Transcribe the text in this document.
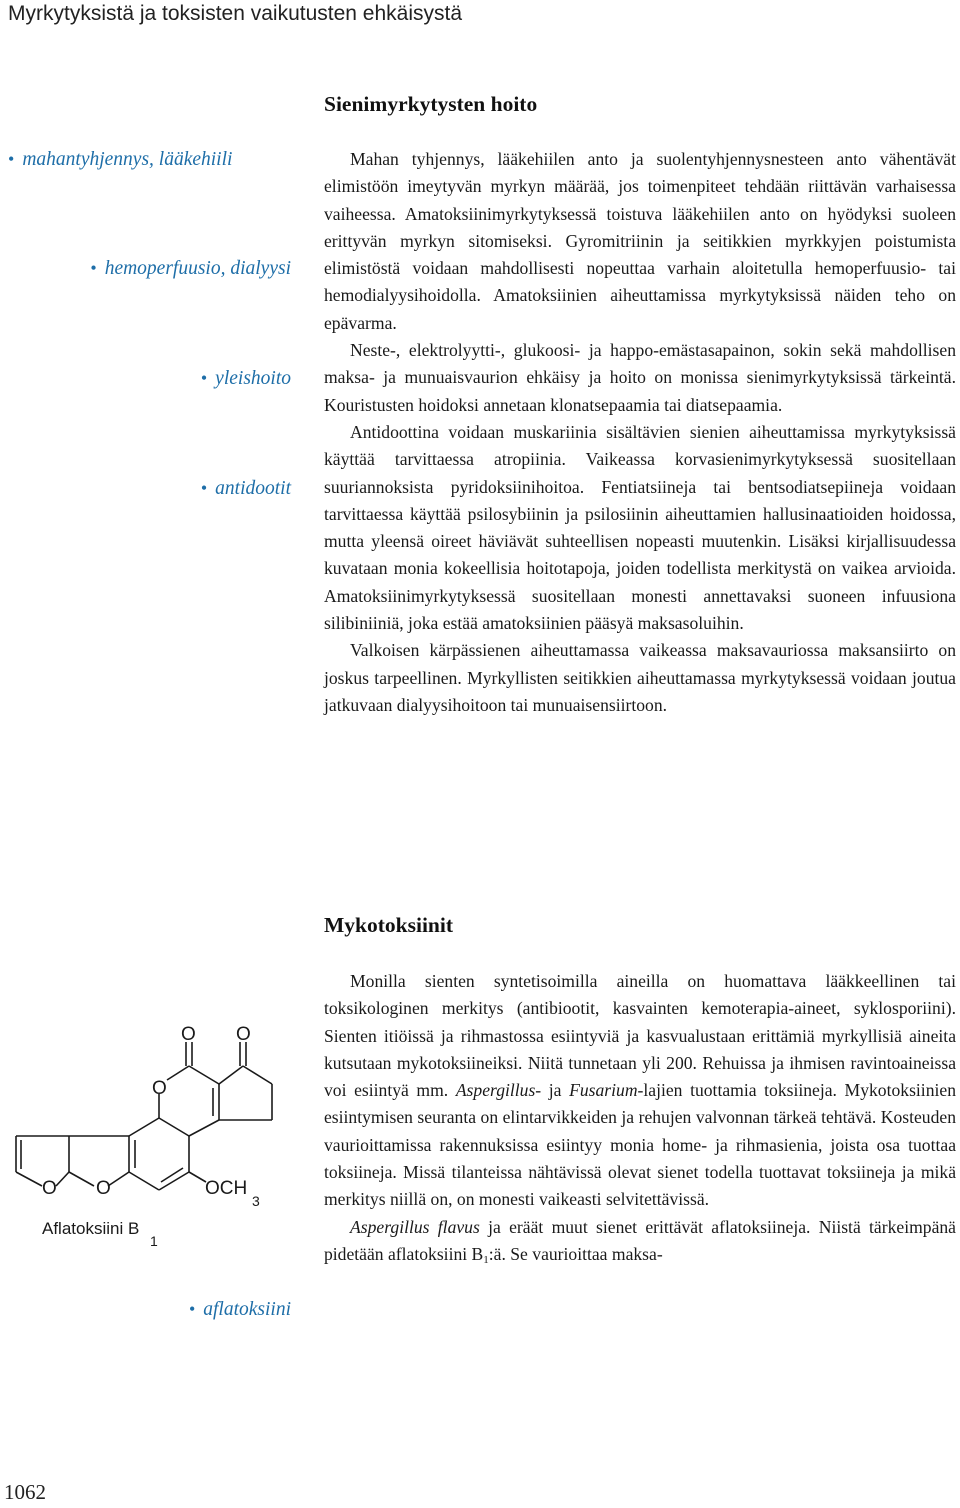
Myrkytyksistä ja toksisten vaikutusten ehkäisystä
Sienimyrkytysten hoito
• mahantyhjennys, lääkehiili
• hemoperfuusio, dialyysi
• yleishoito
• antidootit

Mahan tyhjennys, lääkehiilen anto ja suolentyhjennysnesteen anto vähentävät elimistöön imeytyvän myrkyn määrää, jos toimenpiteet tehdään riittävän varhaisessa vaiheessa. Amatoksiinimyrkytyksessä toistuva lääkehiilen anto on hyödyksi suoleen erittyvän myrkyn sitomiseksi. Gyromitriinin ja seitikkien myrkkyjen poistumista elimistöstä voidaan mahdollisesti nopeuttaa varhain aloitetulla hemoperfuusio- tai hemodialyysihoidolla. Amatoksiinien aiheuttamissa myrkytyksissä näiden teho on epävarma.

Neste-, elektrolyytti-, glukoosi- ja happo-emästasapainon, sokin sekä mahdollisen maksa- ja munuaisvaurion ehkäisy ja hoito on monissa sienimyrkytyksissä tärkeintä. Kouristusten hoidoksi annetaan klonatsepaamia tai diatsepaamia.

Antidoottina voidaan muskariinia sisältävien sienien aiheuttamissa myrkytyksissä käyttää tarvittaessa atropiinia. Vaikeassa korvasienimyrkytyksessä suositellaan suuriannoksista pyridoksiinihoitoa. Fentiatsiineja tai bentsodiatsepiineja voidaan tarvittaessa käyttää psilosybiinin ja psilosiinin aiheuttamien hallusinaatioiden hoidossa, mutta yleensä oireet häviävät suhteellisen nopeasti muutenkin. Lisäksi kirjallisuudessa kuvataan monia kokeellisia hoitotapoja, joiden todellista merkitystä on vaikea arvioida. Amatoksiinimyrkytyksessä suositellaan monesti annettavaksi suoneen infuusiona silibiniiniä, joka estää amatoksiinien pääsyä maksasoluihin.

Valkoisen kärpässienen aiheuttamassa vaikeassa maksavauriossa maksansiirto on joskus tarpeellinen. Myrkyllisten seitikkien aiheuttamassa myrkytyksessä voidaan joutua jatkuvaan dialyysihoitoon tai munuaisensiirtoon.

Mykotoksiinit

Monilla sienten syntetisoimilla aineilla on huomattava lääkkeellinen tai toksikologinen merkitys (antibiootit, kasvainten kemoterapia-aineet, syklosporiini). Sienten itiöissä ja rihmastossa esiintyviä ja kasvualustaan erittämiä myrkyllisiä aineita kutsutaan mykotoksiineiksi. Niitä tunnetaan yli 200. Rehuissa ja ihmisen ravintoaineissa voi esiintyä mm. Aspergillus- ja Fusarium-lajien tuottamia toksiineja. Mykotoksiinien esiintymisen seuranta on elintarvikkeiden ja rehujen valvonnan tärkeä tehtävä. Kosteuden vaurioittamissa rakennuksissa esiintyy monia home- ja rihmasienia, joista osa tuottaa toksiineja. Missä tilanteissa nähtävissä olevat sienet todella tuottavat toksiineja ja mikä merkitys niillä on, on monesti vaikeasti selvitettävissä.

Aspergillus flavus ja eräät muut sienet erittävät aflatoksiineja. Niistä tärkeimpänä pidetään aflatoksiini $B_1:ä$. Se vaurioittaa maksa-

• aflatoksiini
O O
O
O O	OCH
3
Aflatoksiini B
1
1062
